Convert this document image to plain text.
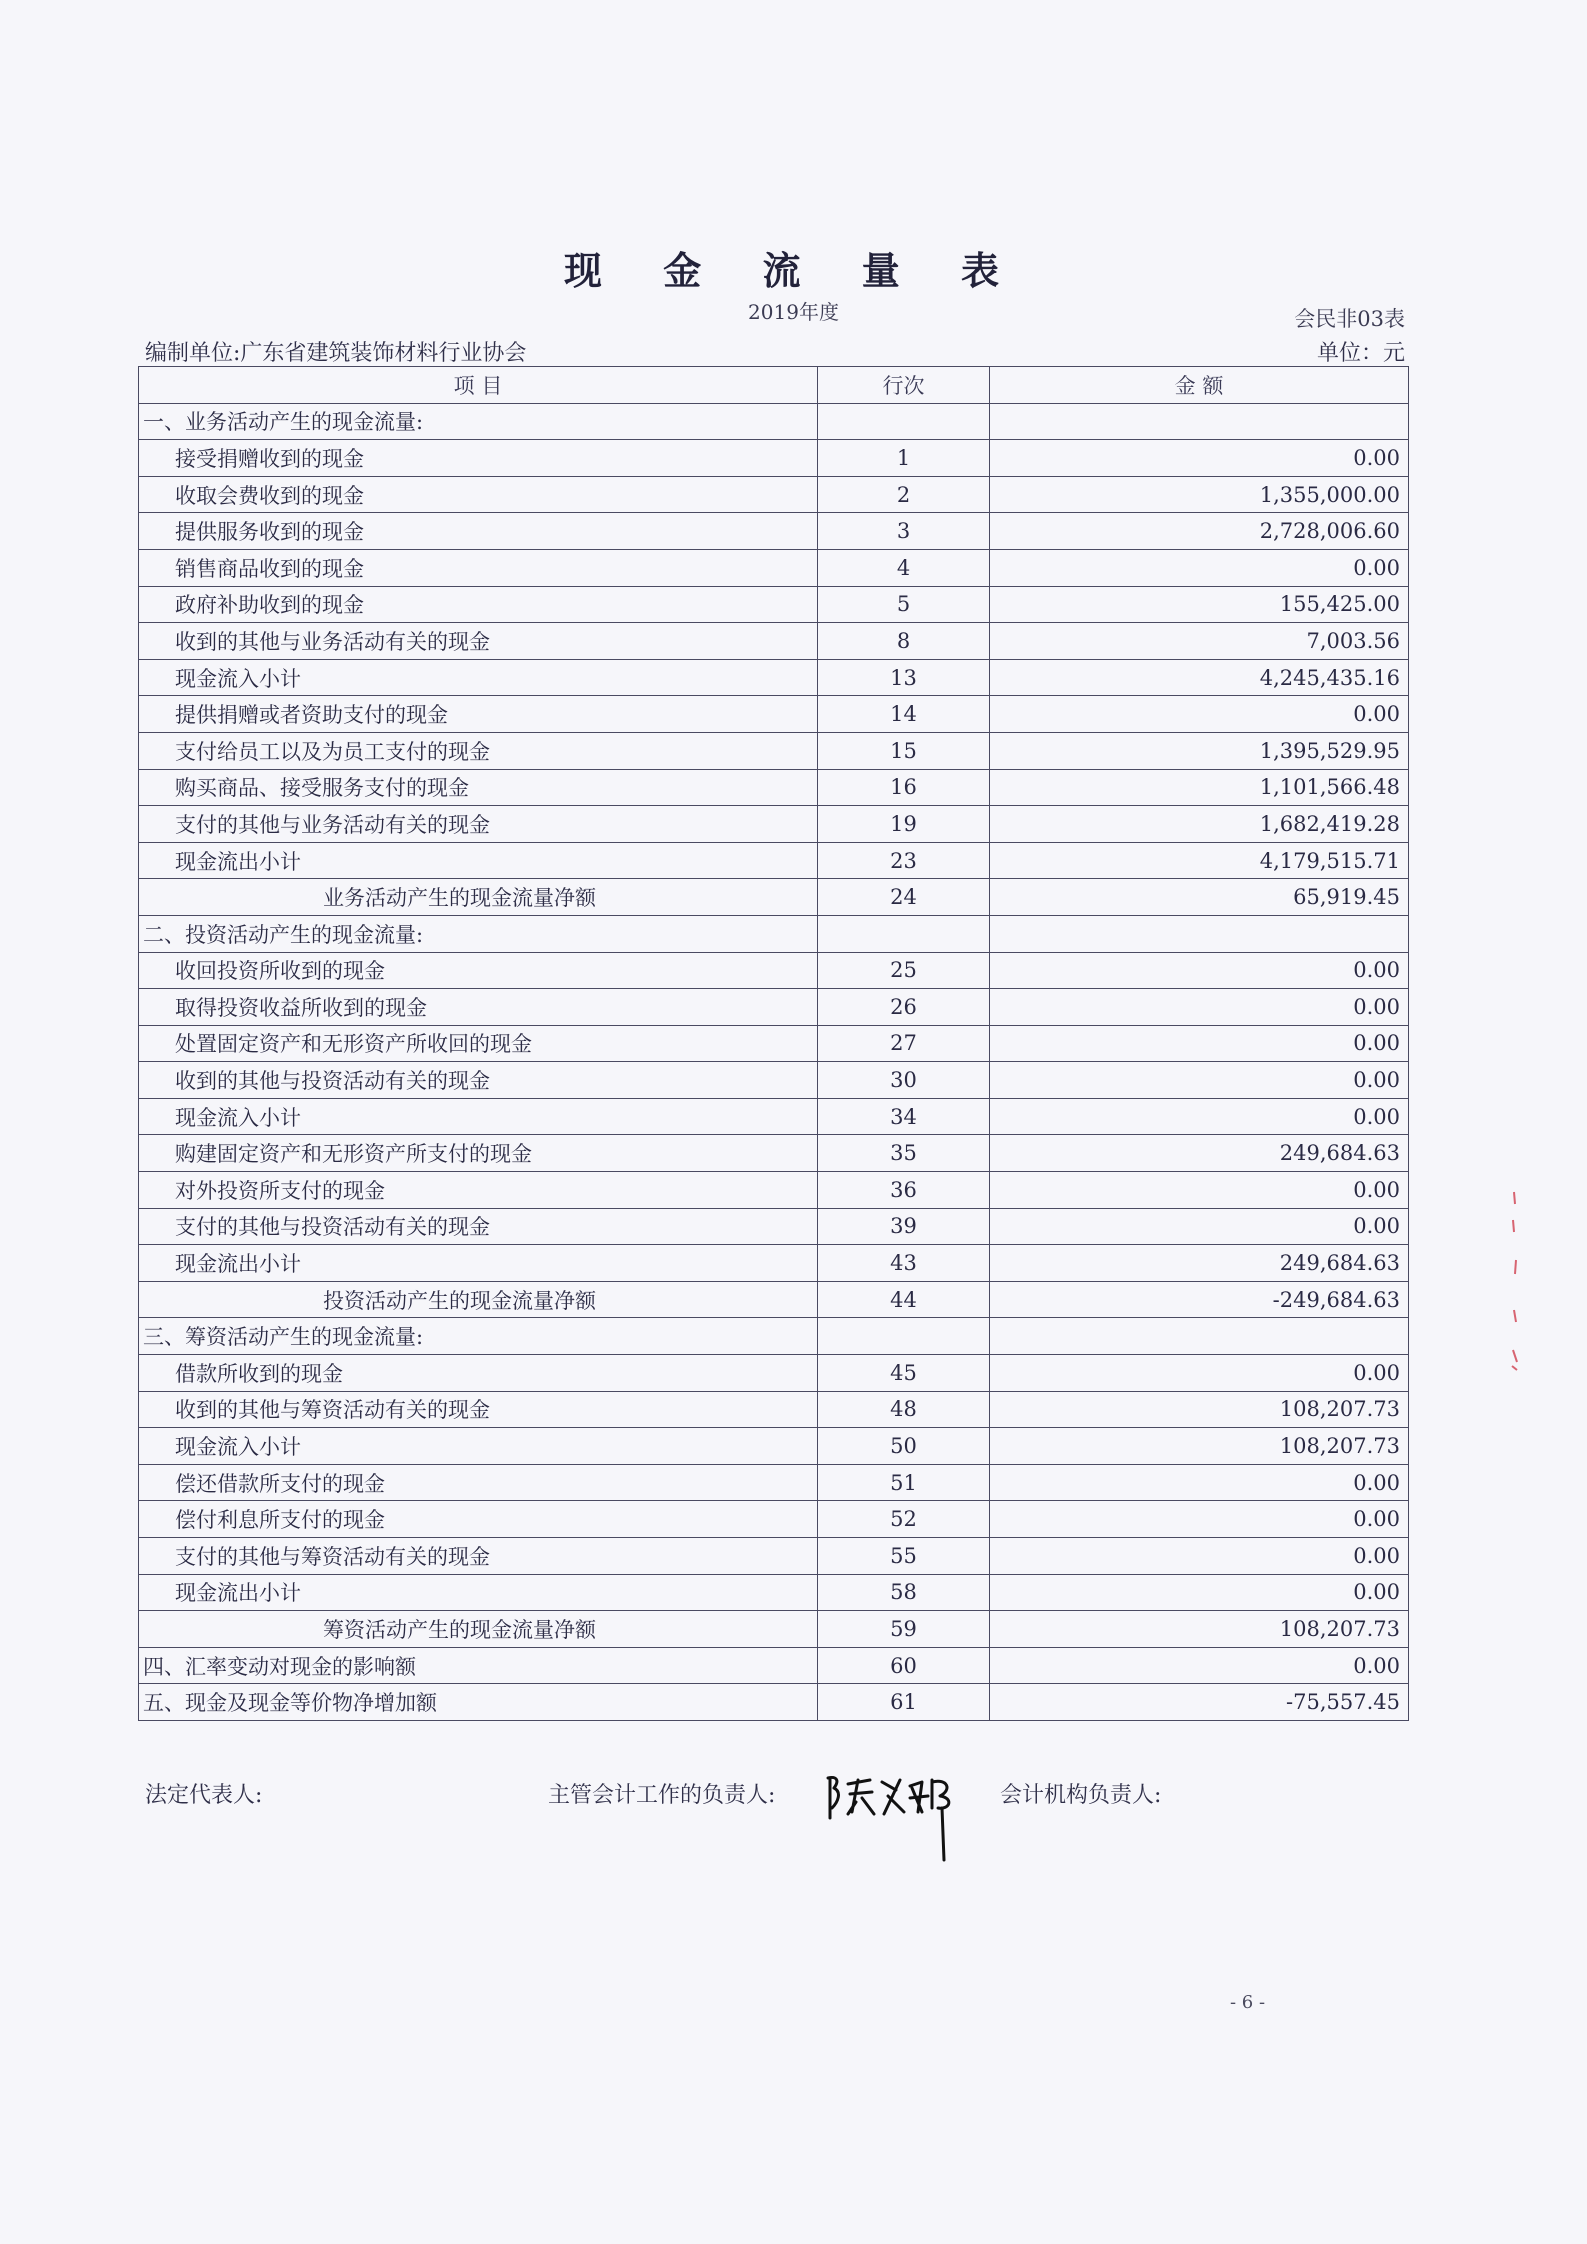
现 金 流 量 表
2019年度	会民非03表
编制单位:广东省建筑装饰材料行业协会	单位：元
项 目	行次	金 额
一、业务活动产生的现金流量:		
接受捐赠收到的现金	1	0.00
收取会费收到的现金	2	1,355,000.00
提供服务收到的现金	3	2,728,006.60
销售商品收到的现金	4	0.00
政府补助收到的现金	5	155,425.00
收到的其他与业务活动有关的现金	8	7,003.56
现金流入小计	13	4,245,435.16
提供捐赠或者资助支付的现金	14	0.00
支付给员工以及为员工支付的现金	15	1,395,529.95
购买商品、接受服务支付的现金	16	1,101,566.48
支付的其他与业务活动有关的现金	19	1,682,419.28
现金流出小计	23	4,179,515.71
业务活动产生的现金流量净额	24	65,919.45
二、投资活动产生的现金流量:		
收回投资所收到的现金	25	0.00
取得投资收益所收到的现金	26	0.00
处置固定资产和无形资产所收回的现金	27	0.00
收到的其他与投资活动有关的现金	30	0.00
现金流入小计	34	0.00
购建固定资产和无形资产所支付的现金	35	249,684.63
对外投资所支付的现金	36	0.00
支付的其他与投资活动有关的现金	39	0.00
现金流出小计	43	249,684.63
投资活动产生的现金流量净额	44	-249,684.63
三、筹资活动产生的现金流量:		
借款所收到的现金	45	0.00
收到的其他与筹资活动有关的现金	48	108,207.73
现金流入小计	50	108,207.73
偿还借款所支付的现金	51	0.00
偿付利息所支付的现金	52	0.00
支付的其他与筹资活动有关的现金	55	0.00
现金流出小计	58	0.00
筹资活动产生的现金流量净额	59	108,207.73
四、汇率变动对现金的影响额	60	0.00
五、现金及现金等价物净增加额	61	-75,557.45
法定代表人:	主管会计工作的负责人:	会计机构负责人:
- 6 -
